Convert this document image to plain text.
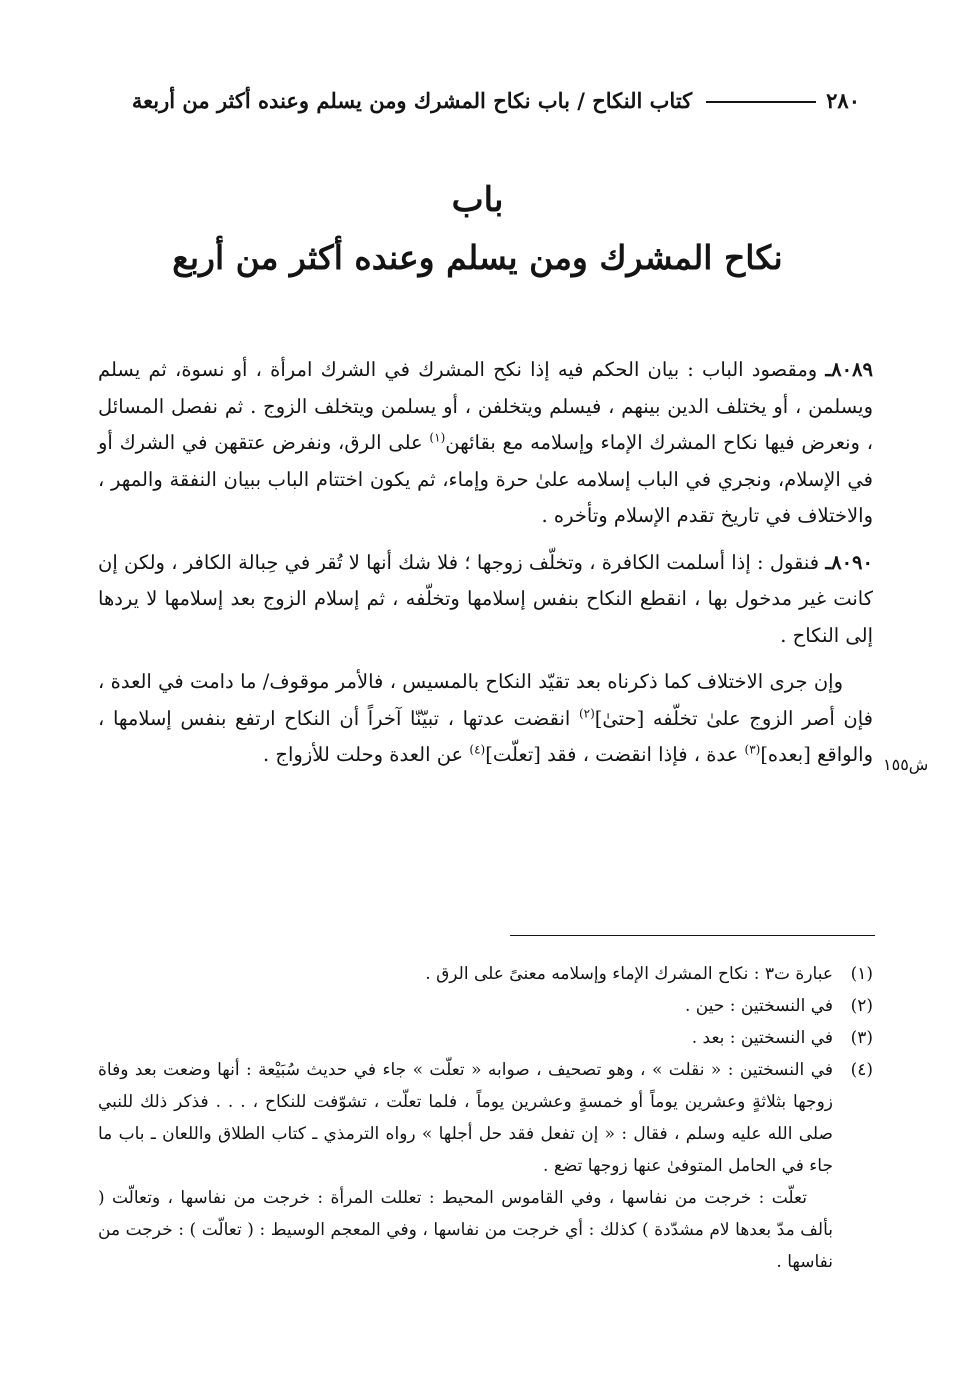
٢٨٠
كتاب النكاح / باب نكاح المشرك ومن يسلم وعنده أكثر من أربعة
باب
نكاح المشرك ومن يسلم وعنده أكثر من أربع

٨٠٨٩ـ ومقصود الباب : بيان الحكم فيه إذا نكح المشرك في الشرك امرأة ، أو نسوة، ثم يسلم ويسلمن ، أو يختلف الدين بينهم ، فيسلم ويتخلفن ، أو يسلمن ويتخلف الزوج . ثم نفصل المسائل ، ونعرض فيها نكاح المشرك الإماء وإسلامه مع بقائهن$^{(١)}$ على الرق، ونفرض عتقهن في الشرك أو في الإسلام، ونجري في الباب إسلامه علىٰ حرة وإماء، ثم يكون اختتام الباب ببيان النفقة والمهر ، والاختلاف في تاريخ تقدم الإسلام وتأخره .

٨٠٩٠ـ فنقول : إذا أسلمت الكافرة ، وتخلّف زوجها ؛ فلا شك أنها لا تُقر في حِبالة الكافر ، ولكن إن كانت غير مدخول بها ، انقطع النكاح بنفس إسلامها وتخلّفه ، ثم إسلام الزوج بعد إسلامها لا يردها إلى النكاح .

وإن جرى الاختلاف كما ذكرناه بعد تقيّد النكاح بالمسيس ، فالأمر موقوف/ ما دامت في العدة ، فإن أصر الزوج علىٰ تخلّفه [حتىٰ]$^{(٢)}$ انقضت عدتها ، تبيّنّا آخراً أن النكاح ارتفع بنفس إسلامها ، والواقع [بعده]$^{(٣)}$ عدة ، فإذا انقضت ، فقد [تعلّت]$^{(٤)}$ عن العدة وحلت للأزواج .	ش١٥٥
(١)
عبارة ت٣ : نكاح المشرك الإماء وإسلامه معنىً على الرق .
(٢)
في النسختين : حين .
(٣)
في النسختين : بعد .
(٤)
في النسختين : « نقلت » ، وهو تصحيف ، صوابه « تعلّت » جاء في حديث سُبَيْعة : أنها وضعت بعد وفاة زوجها بثلاثةٍ وعشرين يوماً أو خمسةٍ وعشرين يوماً ، فلما تعلّت ، تشوّفت للنكاح ، . . . فذكر ذلك للنبي صلى الله عليه وسلم ، فقال : « إن تفعل فقد حل أجلها » رواه الترمذي ـ كتاب الطلاق واللعان ـ باب ما جاء في الحامل المتوفىٰ عنها زوجها تضع .
تعلّت : خرجت من نفاسها ، وفي القاموس المحيط : تعللت المرأة : خرجت من نفاسها ، وتعالّت ( بألف مدّ بعدها لام مشدّدة ) كذلك : أي خرجت من نفاسها ، وفي المعجم الوسيط : ( تعالّت ) : خرجت من نفاسها .
